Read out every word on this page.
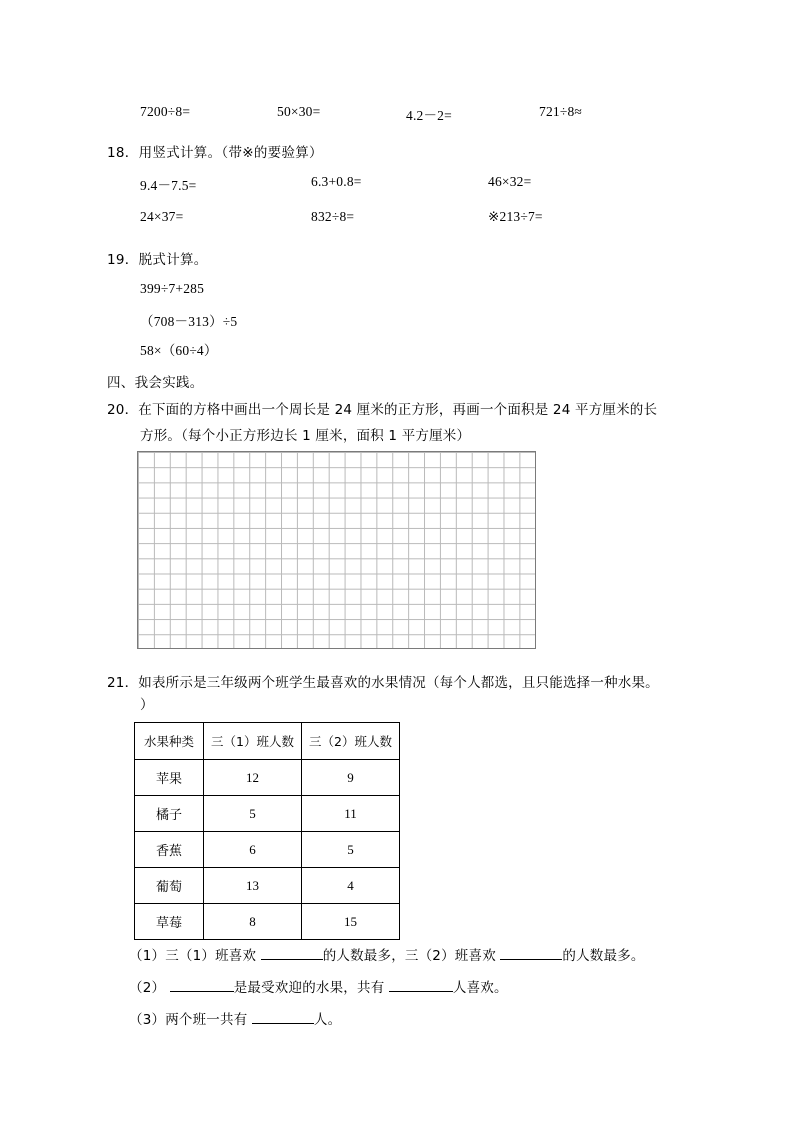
7200÷8=	50×30=	4.2－2=	721÷8≈
18．用竖式计算。（带※的要验算）
9.4－7.5=	6.3+0.8=	46×32=
24×37=	832÷8=	※213÷7=
19．脱式计算。
399÷7+285
（708－313）÷5
58×（60÷4）
四、我会实践。
20．在下面的方格中画出一个周长是 24 厘米的正方形，再画一个面积是 24 平方厘米的长
方形。（每个小正方形边长 1 厘米，面积 1 平方厘米）
21．如表所示是三年级两个班学生最喜欢的水果情况（每个人都选，且只能选择一种水果。
）
水果种类	三（1）班人数	三（2）班人数
苹果	12	9
橘子	5	11
香蕉	6	5
葡萄	13	4
草莓	8	15
（1）三（1）班喜欢	的人数最多，三（2）班喜欢	的人数最多。
（2）	是最受欢迎的水果，共有	人喜欢。
（3）两个班一共有	人。
